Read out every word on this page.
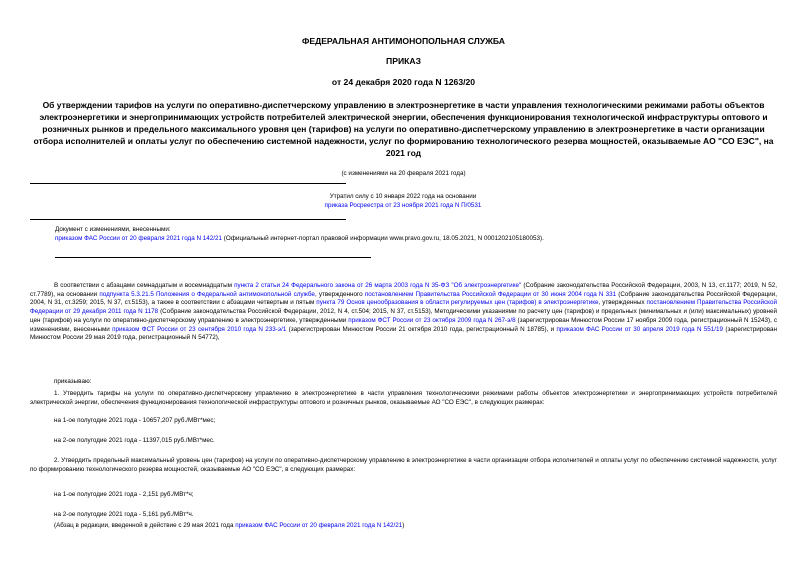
ФЕДЕРАЛЬНАЯ АНТИМОНОПОЛЬНАЯ СЛУЖБА
ПРИКАЗ
от 24 декабря 2020 года N 1263/20
Об утверждении тарифов на услуги по оперативно-диспетчерскому управлению в электроэнергетике в части управления технологическими режимами работы объектов электроэнергетики и энергопринимающих устройств потребителей электрической энергии, обеспечения функционирования технологической инфраструктуры оптового и розничных рынков и предельного максимального уровня цен (тарифов) на услуги по оперативно-диспетчерскому управлению в электроэнергетике в части организации отбора исполнителей и оплаты услуг по обеспечению системной надежности, услуг по формированию технологического резерва мощностей, оказываемые АО "СО ЕЭС", на 2021 год
(с изменениями на 20 февраля 2021 года)
Утратил силу с 10 января 2022 года на основании
приказа Росреестра от 23 ноября 2021 года N П/0531
Документ с изменениями, внесенными:
приказом ФАС России от 20 февраля 2021 года N 142/21 (Официальный интернет-портал правовой информации www.pravo.gov.ru, 18.05.2021, N 0001202105180053).
В соответствии с абзацами семнадцатым и восемнадцатым пункта 2 статьи 24 Федерального закона от 26 марта 2003 года N 35-ФЗ "Об электроэнергетике" (Собрание законодательства Российской Федерации, 2003, N 13, ст.1177; 2019, N 52, ст.7789), на основании подпункта 5.3.21.5 Положения о Федеральной антимонопольной службе, утвержденного постановлением Правительства Российской Федерации от 30 июня 2004 года N 331 (Собрание законодательства Российской Федерации, 2004, N 31, ст.3259; 2015, N 37, ст.5153), а также в соответствии с абзацами четвертым и пятым пункта 79 Основ ценообразования в области регулируемых цен (тарифов) в электроэнергетике, утвержденных постановлением Правительства Российской Федерации от 29 декабря 2011 года N 1178 (Собрание законодательства Российской Федерации, 2012, N 4, ст.504; 2015, N 37, ст.5153), Методическими указаниями по расчету цен (тарифов) и предельных (минимальных и (или) максимальных) уровней цен (тарифов) на услуги по оперативно-диспетчерскому управлению в электроэнергетике, утвержденными приказом ФСТ России от 23 октября 2009 года N 267-э/8 (зарегистрирован Минюстом России 17 ноября 2009 года, регистрационный N 15243), с изменениями, внесенными приказом ФСТ России от 23 сентября 2010 года N 233-э/1 (зарегистрирован Минюстом России 21 октября 2010 года, регистрационный N 18785), и приказом ФАС России от 30 апреля 2019 года N 551/19 (зарегистрирован Минюстом России 29 мая 2019 года, регистрационный N 54772),
приказываю:
1. Утвердить тарифы на услуги по оперативно-диспетчерскому управлению в электроэнергетике в части управления технологическими режимами работы объектов электроэнергетики и энергопринимающих устройств потребителей электрической энергии, обеспечения функционирования технологической инфраструктуры оптового и розничных рынков, оказываемые АО "СО ЕЭС", в следующих размерах:
на 1-ое полугодие 2021 года - 10657,207 руб./МВт*мес;
на 2-ое полугодие 2021 года - 11397,015 руб./МВт*мес.
2. Утвердить предельный максимальный уровень цен (тарифов) на услуги по оперативно-диспетчерскому управлению в электроэнергетике в части организации отбора исполнителей и оплаты услуг по обеспечению системной надежности, услуг по формированию технологического резерва мощностей, оказываемые АО "СО ЕЭС", в следующих размерах:
на 1-ое полугодие 2021 года - 2,151 руб./МВт*ч;
на 2-ое полугодие 2021 года - 5,161 руб./МВт*ч.
(Абзац в редакции, введенной в действие с 29 мая 2021 года приказом ФАС России от 20 февраля 2021 года N 142/21)
